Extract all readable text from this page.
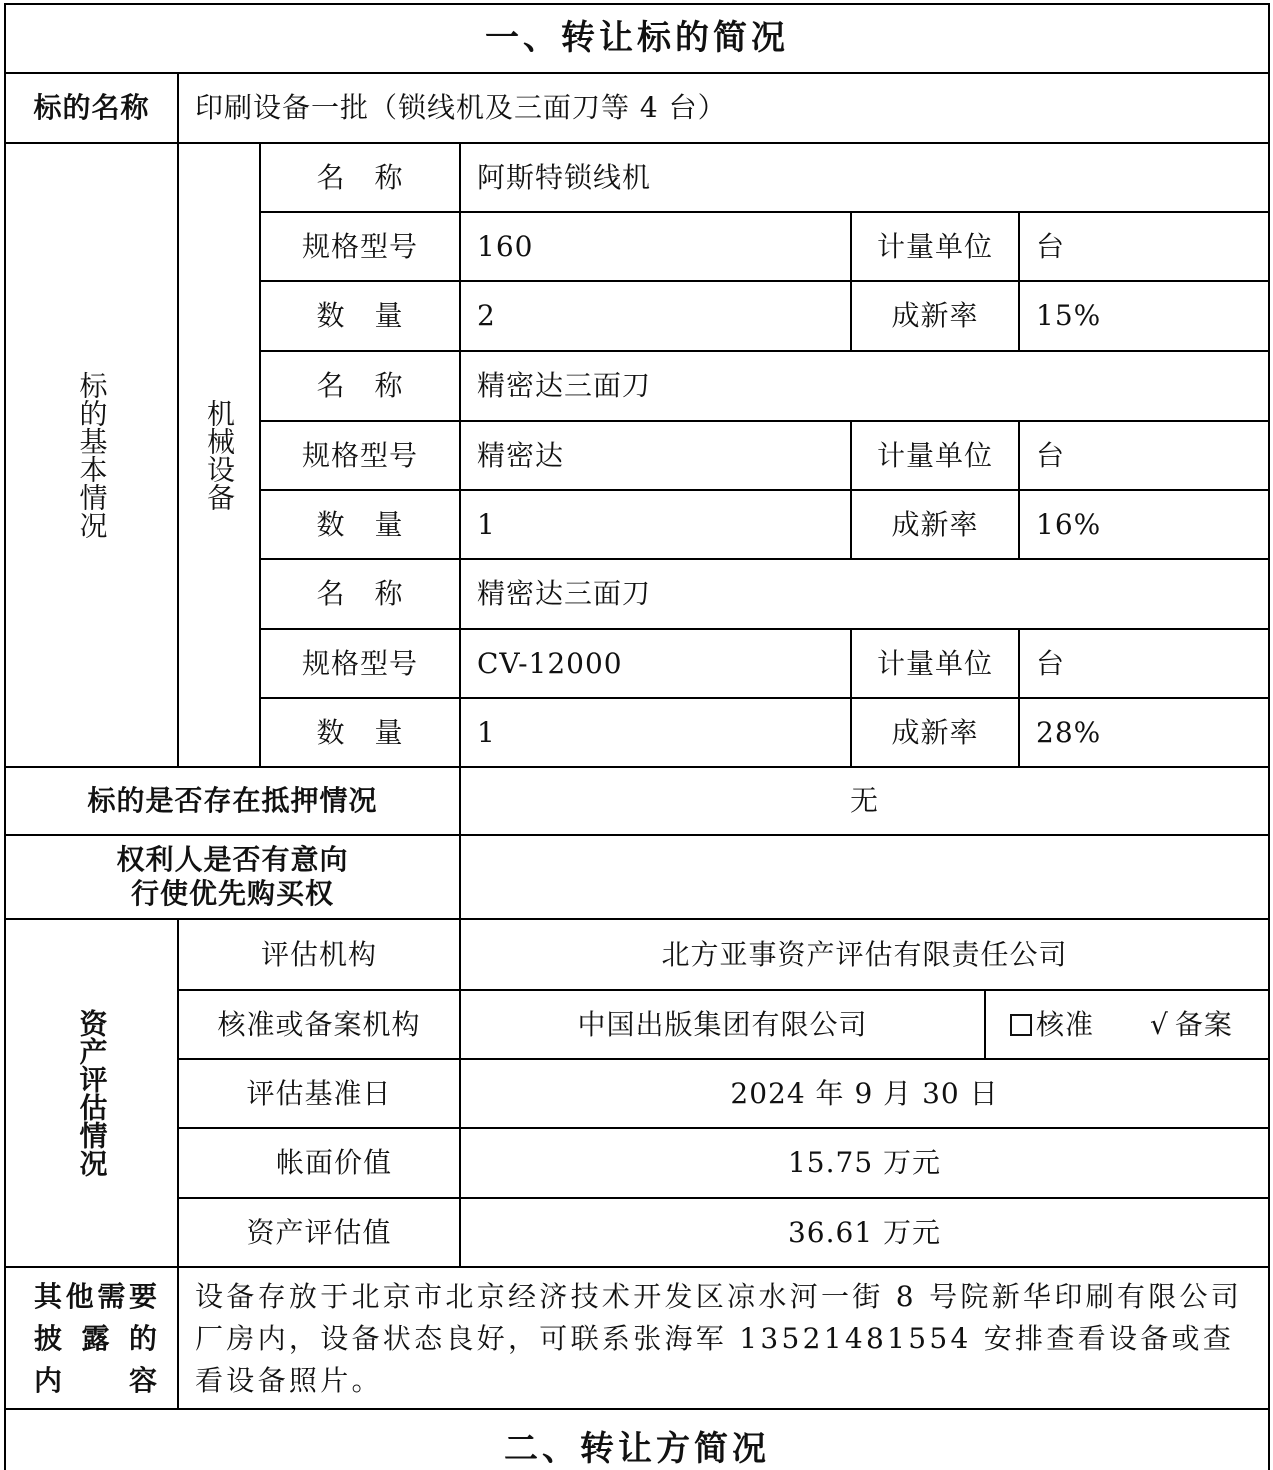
一、转让标的简况
标的名称	印刷设备一批（锁线机及三面刀等 4 台）
标的基本情况	机械设备
名　称	阿斯特锁线机
规格型号	160	计量单位	台
数　量	2	成新率	15%
名　称	精密达三面刀
规格型号	精密达	计量单位	台
数　量	1	成新率	16%
名　称	精密达三面刀
规格型号	CV-12000	计量单位	台
数　量	1	成新率	28%
标的是否存在抵押情况	无
权利人是否有意向
行使优先购买权
资产评估情况
评估机构	北方亚事资产评估有限责任公司
核准或备案机构	中国出版集团有限公司	核准 √ 备案
评估基准日	2024 年 9 月 30 日
帐面价值	15.75 万元
资产评估值	36.61 万元
其他需要
披露的
内容
设备存放于北京市北京经济技术开发区凉水河一街 8 号院新华印刷有限公司厂房内，设备状态良好，可联系张海军 13521481554 安排查看设备或查看设备照片。
二、转让方简况
